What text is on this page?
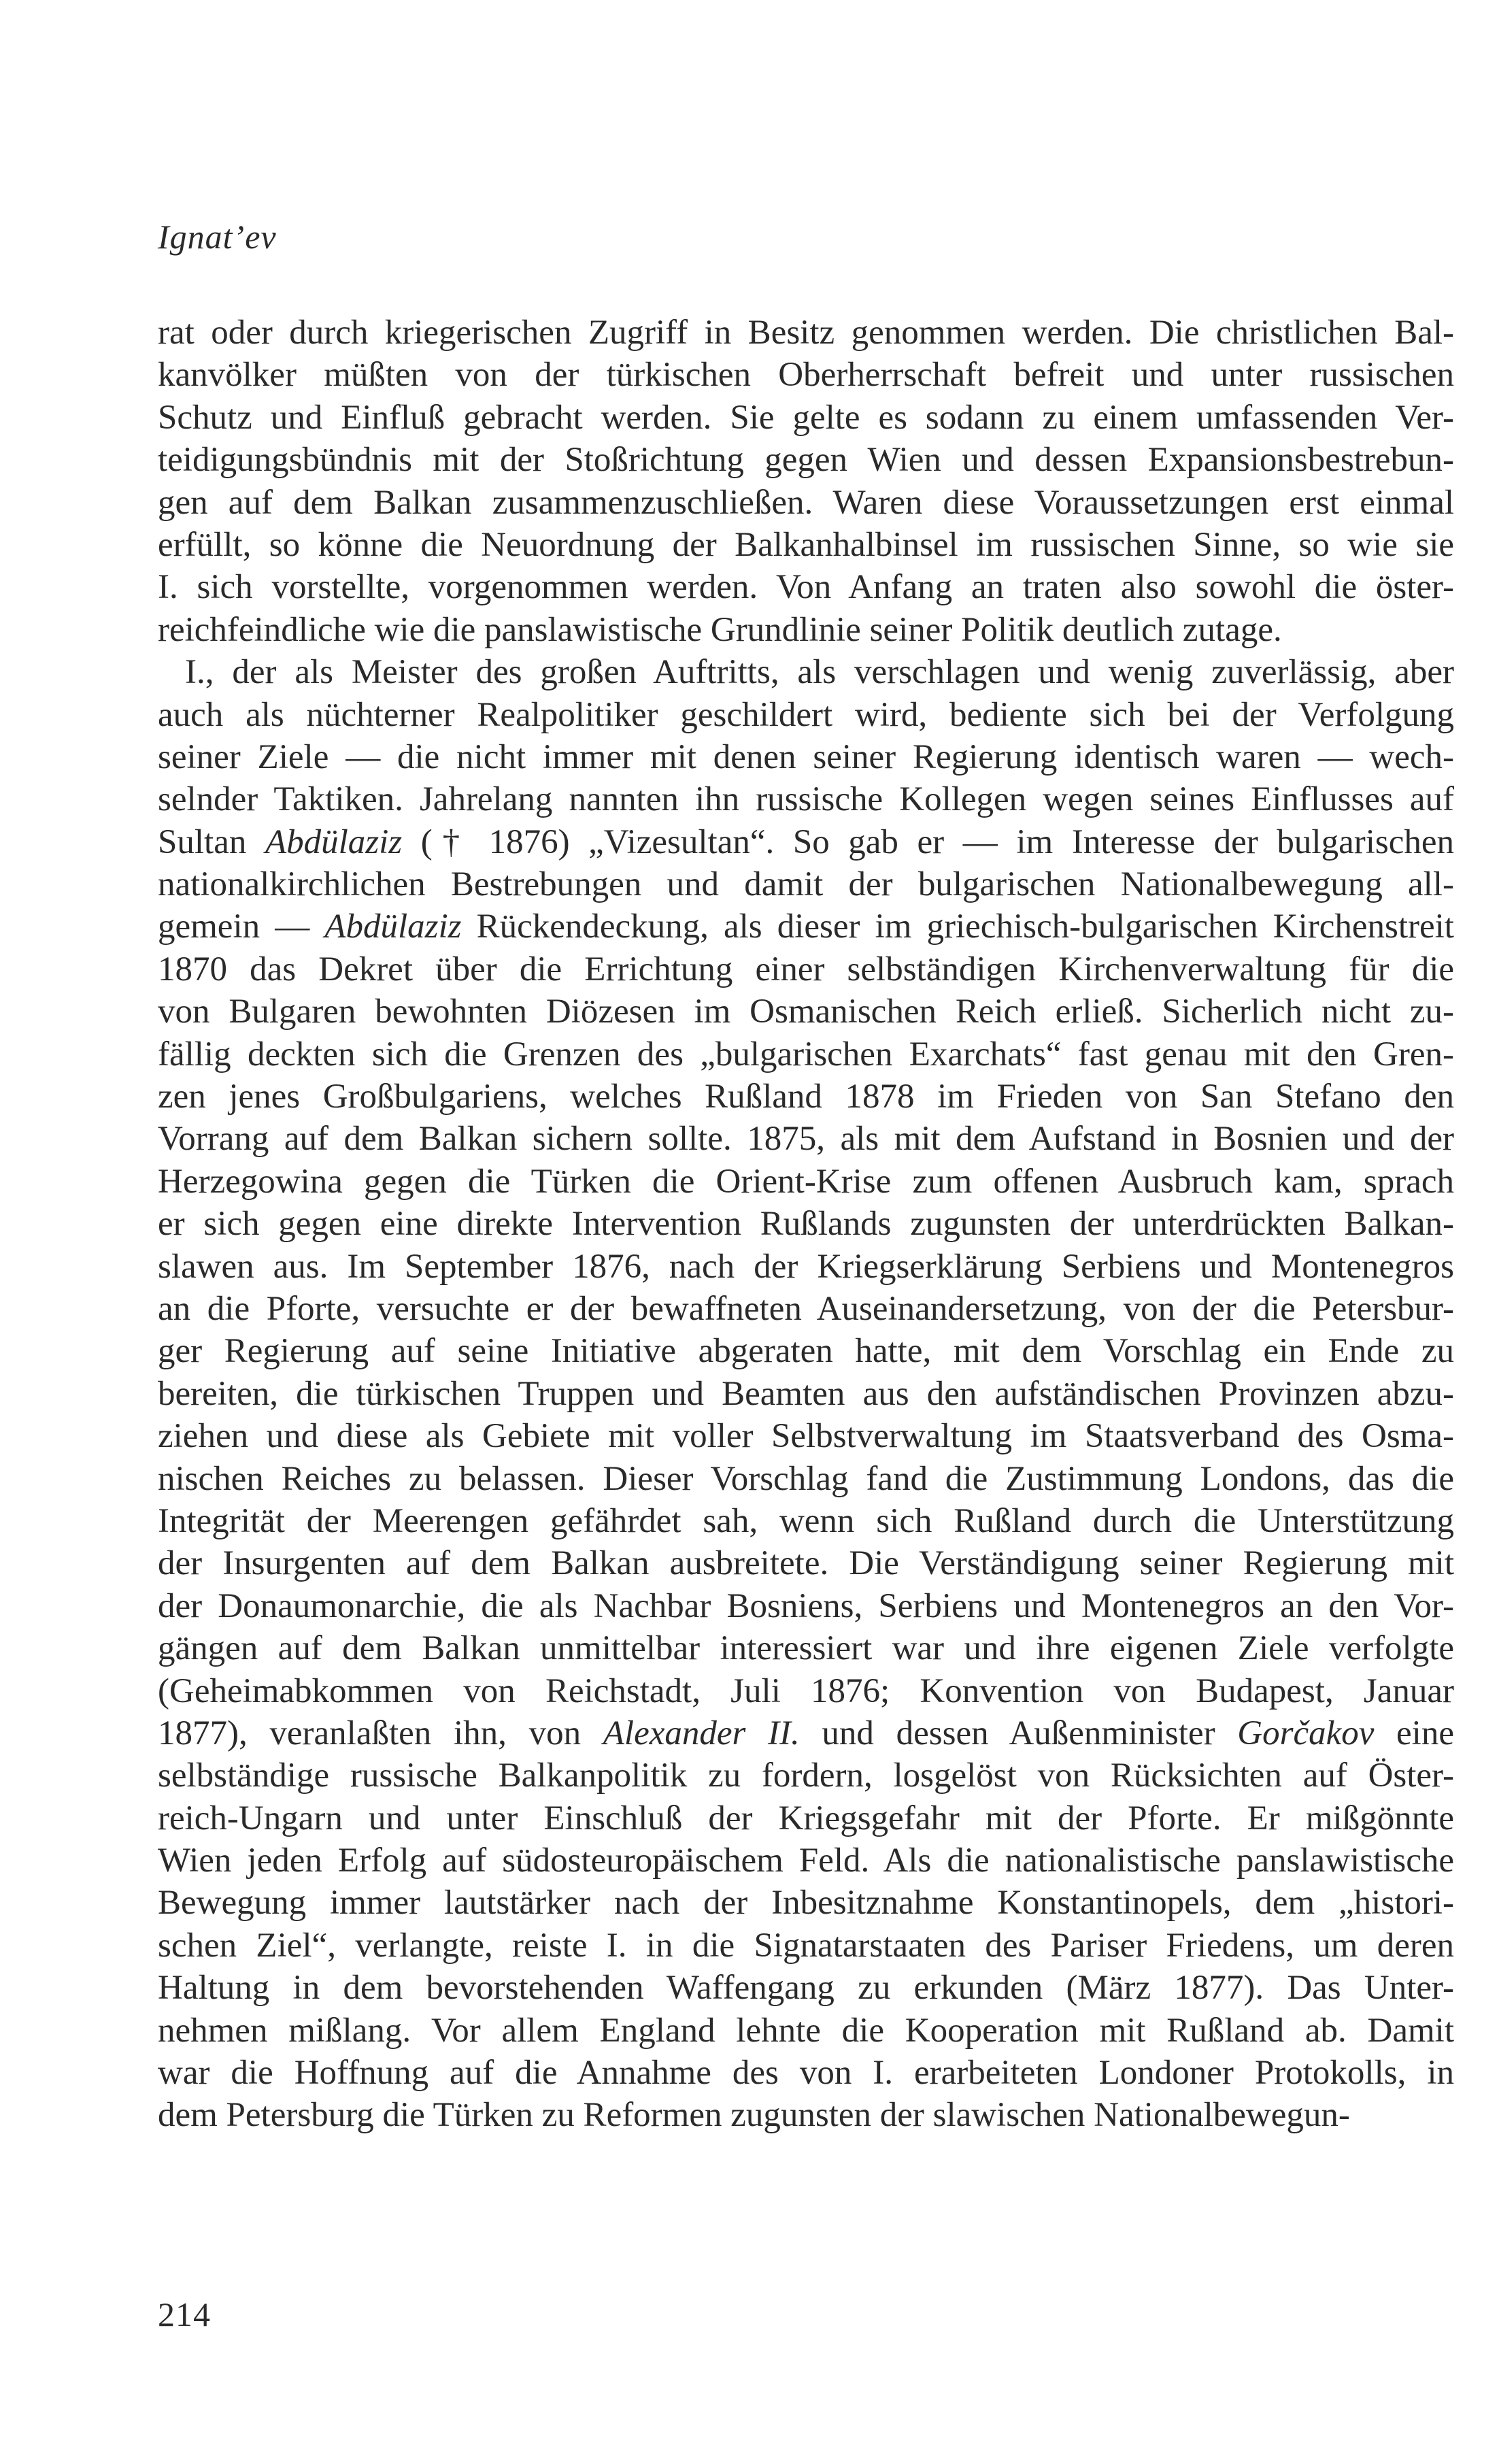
Ignat’ev
rat oder durch kriegerischen Zugriff in Besitz genommen werden. Die christlichen Bal-
kanvölker müßten von der türkischen Oberherrschaft befreit und unter russischen
Schutz und Einfluß gebracht werden. Sie gelte es sodann zu einem umfassenden Ver-
teidigungsbündnis mit der Stoßrichtung gegen Wien und dessen Expansionsbestrebun-
gen auf dem Balkan zusammenzuschließen. Waren diese Voraussetzungen erst einmal
erfüllt, so könne die Neuordnung der Balkanhalbinsel im russischen Sinne, so wie sie
I. sich vorstellte, vorgenommen werden. Von Anfang an traten also sowohl die öster-
reichfeindliche wie die panslawistische Grundlinie seiner Politik deutlich zutage.
I., der als Meister des großen Auftritts, als verschlagen und wenig zuverlässig, aber
auch als nüchterner Realpolitiker geschildert wird, bediente sich bei der Verfolgung
seiner Ziele — die nicht immer mit denen seiner Regierung identisch waren — wech-
selnder Taktiken. Jahrelang nannten ihn russische Kollegen wegen seines Einflusses auf
Sultan Abdülaziz († 1876) „Vizesultan“. So gab er — im Interesse der bulgarischen
nationalkirchlichen Bestrebungen und damit der bulgarischen Nationalbewegung all-
gemein — Abdülaziz Rückendeckung, als dieser im griechisch-bulgarischen Kirchenstreit
1870 das Dekret über die Errichtung einer selbständigen Kirchenverwaltung für die
von Bulgaren bewohnten Diözesen im Osmanischen Reich erließ. Sicherlich nicht zu-
fällig deckten sich die Grenzen des „bulgarischen Exarchats“ fast genau mit den Gren-
zen jenes Großbulgariens, welches Rußland 1878 im Frieden von San Stefano den
Vorrang auf dem Balkan sichern sollte. 1875, als mit dem Aufstand in Bosnien und der
Herzegowina gegen die Türken die Orient-Krise zum offenen Ausbruch kam, sprach
er sich gegen eine direkte Intervention Rußlands zugunsten der unterdrückten Balkan-
slawen aus. Im September 1876, nach der Kriegserklärung Serbiens und Montenegros
an die Pforte, versuchte er der bewaffneten Auseinandersetzung, von der die Petersbur-
ger Regierung auf seine Initiative abgeraten hatte, mit dem Vorschlag ein Ende zu
bereiten, die türkischen Truppen und Beamten aus den aufständischen Provinzen abzu-
ziehen und diese als Gebiete mit voller Selbstverwaltung im Staatsverband des Osma-
nischen Reiches zu belassen. Dieser Vorschlag fand die Zustimmung Londons, das die
Integrität der Meerengen gefährdet sah, wenn sich Rußland durch die Unterstützung
der Insurgenten auf dem Balkan ausbreitete. Die Verständigung seiner Regierung mit
der Donaumonarchie, die als Nachbar Bosniens, Serbiens und Montenegros an den Vor-
gängen auf dem Balkan unmittelbar interessiert war und ihre eigenen Ziele verfolgte
(Geheimabkommen von Reichstadt, Juli 1876; Konvention von Budapest, Januar
1877), veranlaßten ihn, von Alexander II. und dessen Außenminister Gorčakov eine
selbständige russische Balkanpolitik zu fordern, losgelöst von Rücksichten auf Öster-
reich-Ungarn und unter Einschluß der Kriegsgefahr mit der Pforte. Er mißgönnte
Wien jeden Erfolg auf südosteuropäischem Feld. Als die nationalistische panslawistische
Bewegung immer lautstärker nach der Inbesitznahme Konstantinopels, dem „histori-
schen Ziel“, verlangte, reiste I. in die Signatarstaaten des Pariser Friedens, um deren
Haltung in dem bevorstehenden Waffengang zu erkunden (März 1877). Das Unter-
nehmen mißlang. Vor allem England lehnte die Kooperation mit Rußland ab. Damit
war die Hoffnung auf die Annahme des von I. erarbeiteten Londoner Protokolls, in
dem Petersburg die Türken zu Reformen zugunsten der slawischen Nationalbewegun-
214
